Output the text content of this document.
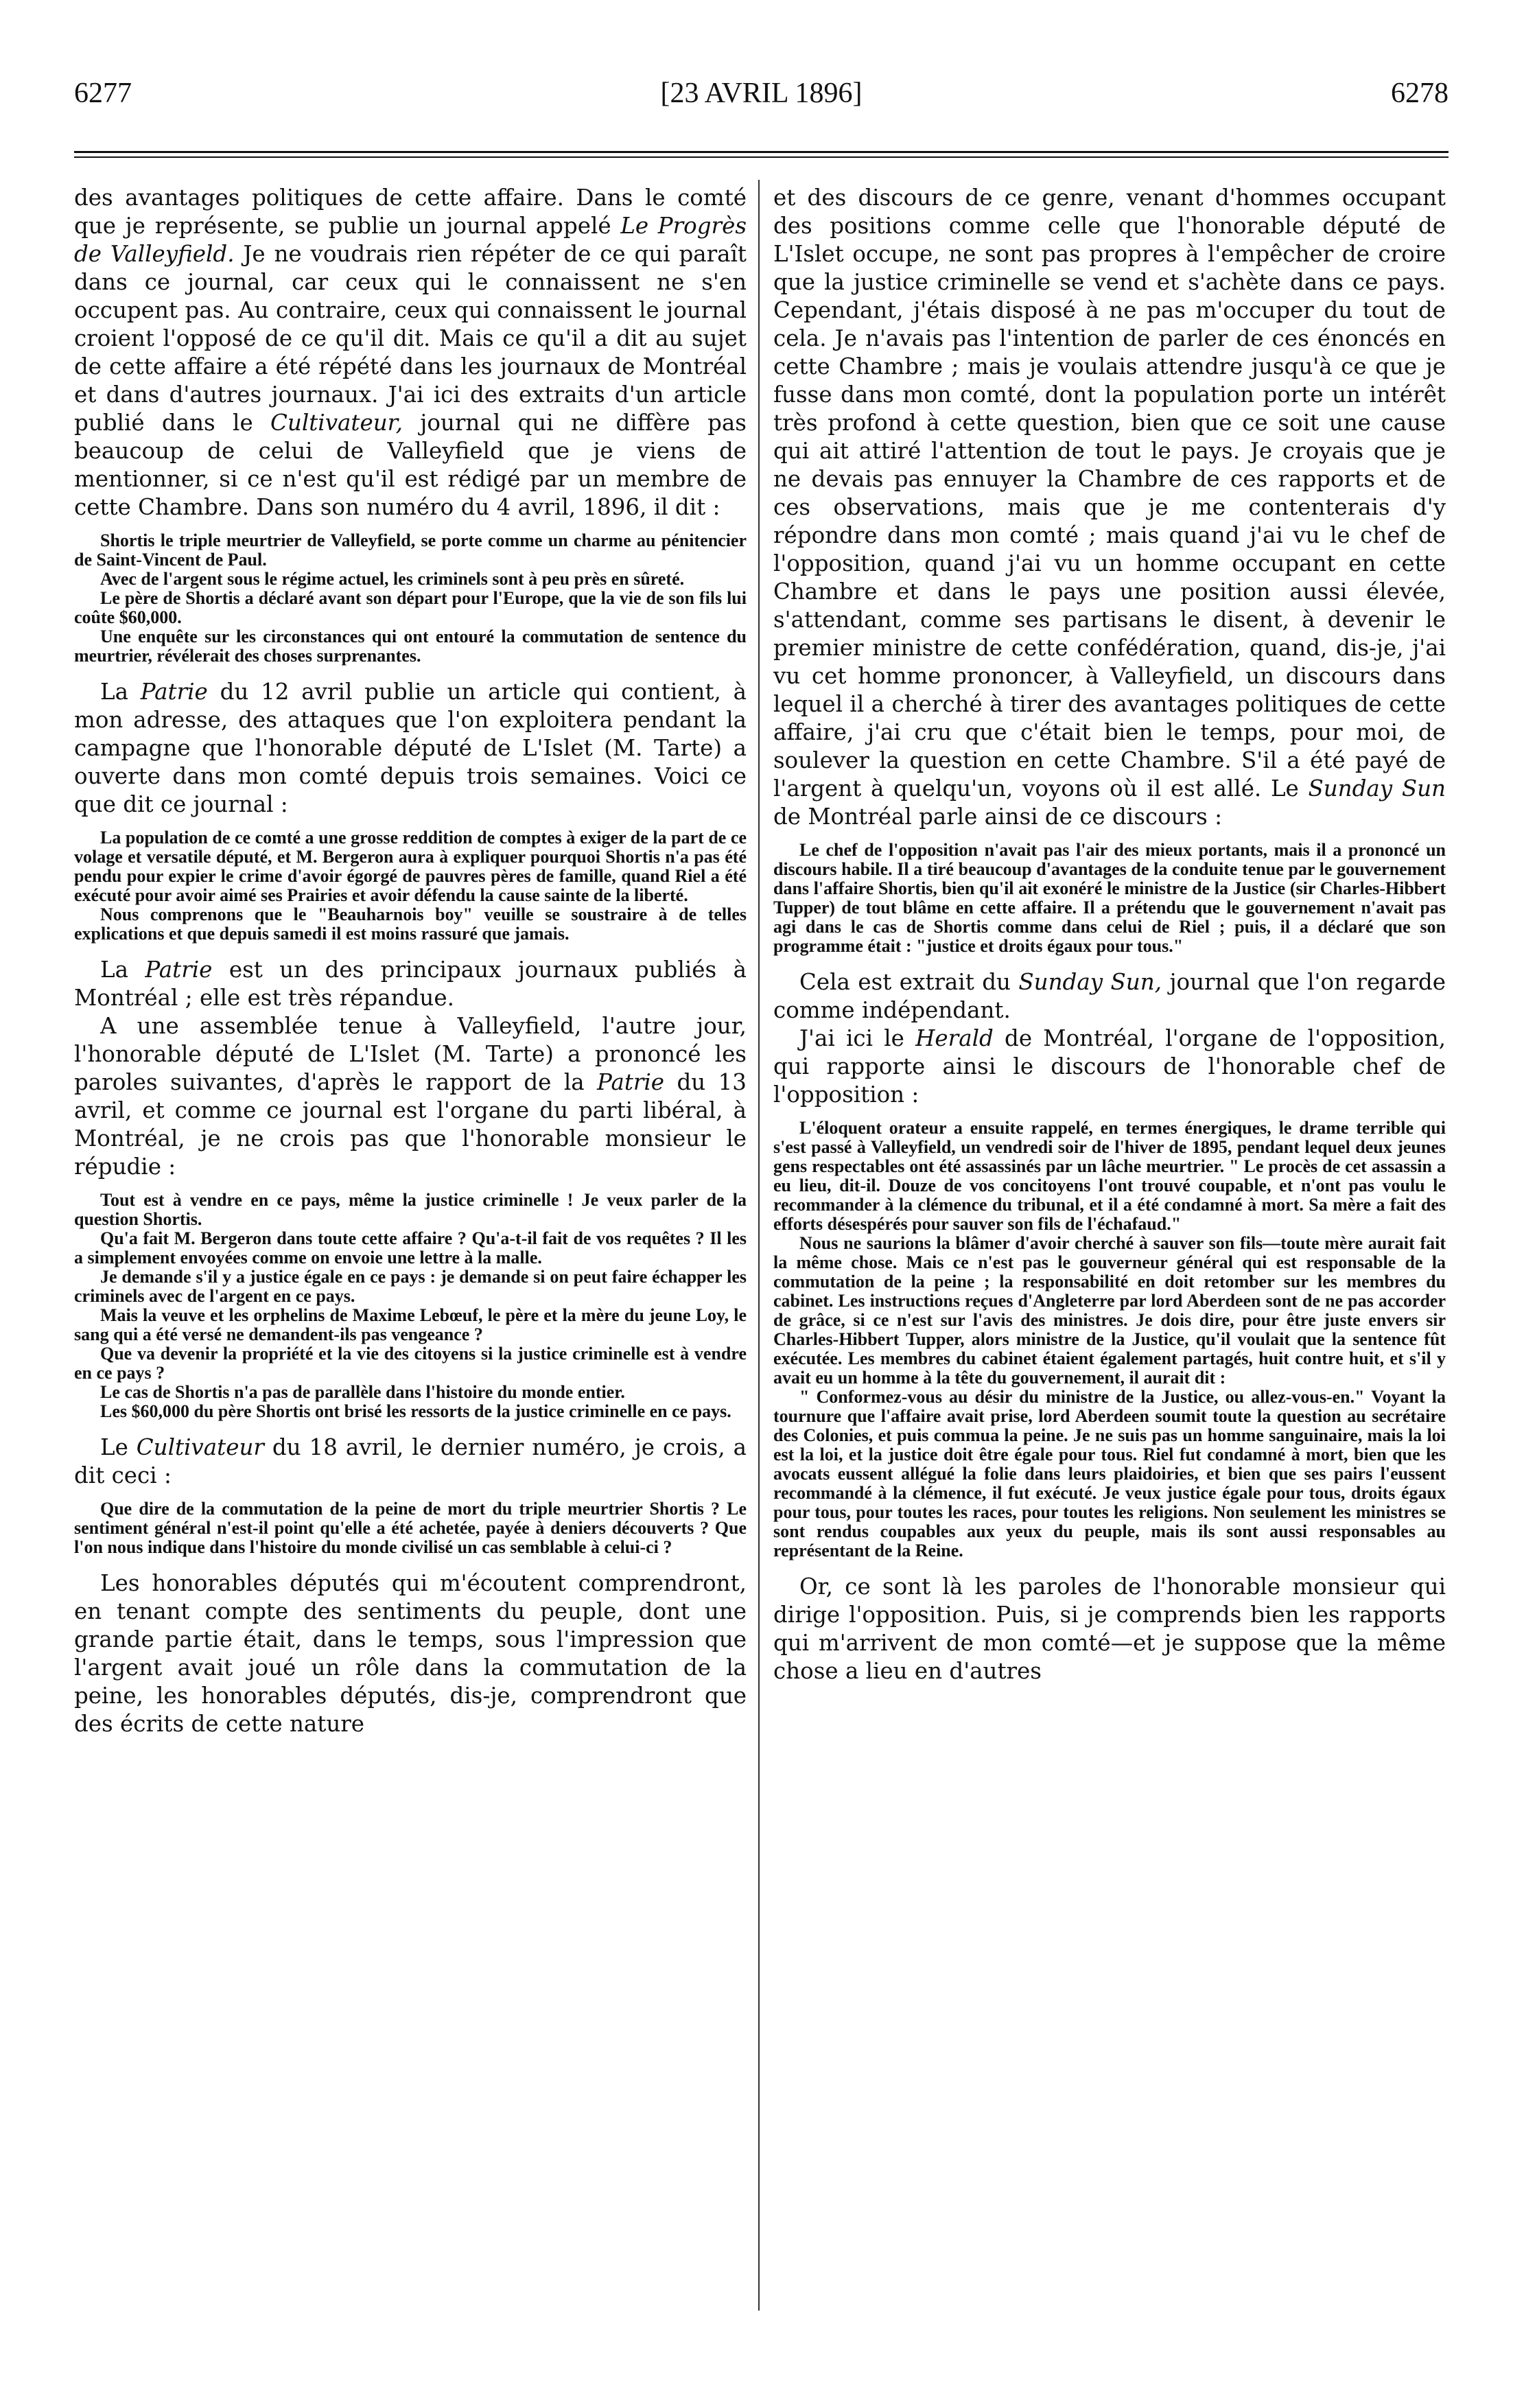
6277	[23 AVRIL 1896]	6278

des avantages politiques de cette affaire. Dans le comté que je représente, se publie un journal appelé Le Progrès de Valleyfield. Je ne voudrais rien répéter de ce qui paraît dans ce journal, car ceux qui le connaissent ne s'en occupent pas. Au contraire, ceux qui connaissent le journal croient l'opposé de ce qu'il dit. Mais ce qu'il a dit au sujet de cette affaire a été répété dans les journaux de Montréal et dans d'autres journaux. J'ai ici des extraits d'un article publié dans le Cultivateur, journal qui ne diffère pas beaucoup de celui de Valleyfield que je viens de mentionner, si ce n'est qu'il est rédigé par un membre de cette Chambre. Dans son numéro du 4 avril, 1896, il dit :

Shortis le triple meurtrier de Valleyfield, se porte comme un charme au pénitencier de Saint-Vincent de Paul.

Avec de l'argent sous le régime actuel, les criminels sont à peu près en sûreté.

Le père de Shortis a déclaré avant son départ pour l'Europe, que la vie de son fils lui coûte $60,000.

Une enquête sur les circonstances qui ont entouré la commutation de sentence du meurtrier, révélerait des choses surprenantes.

La Patrie du 12 avril publie un article qui contient, à mon adresse, des attaques que l'on exploitera pendant la campagne que l'honorable député de L'Islet (M. Tarte) a ouverte dans mon comté depuis trois semaines. Voici ce que dit ce journal :

La population de ce comté a une grosse reddition de comptes à exiger de la part de ce volage et versatile député, et M. Bergeron aura à expliquer pourquoi Shortis n'a pas été pendu pour expier le crime d'avoir égorgé de pauvres pères de famille, quand Riel a été exécuté pour avoir aimé ses Prairies et avoir défendu la cause sainte de la liberté.

Nous comprenons que le "Beauharnois boy" veuille se soustraire à de telles explications et que depuis samedi il est moins rassuré que jamais.

La Patrie est un des principaux journaux publiés à Montréal ; elle est très répandue.

A une assemblée tenue à Valleyfield, l'autre jour, l'honorable député de L'Islet (M. Tarte) a prononcé les paroles suivantes, d'après le rapport de la Patrie du 13 avril, et comme ce journal est l'organe du parti libéral, à Montréal, je ne crois pas que l'honorable monsieur le répudie :

Tout est à vendre en ce pays, même la justice criminelle ! Je veux parler de la question Shortis.

Qu'a fait M. Bergeron dans toute cette affaire ? Qu'a-t-il fait de vos requêtes ? Il les a simplement envoyées comme on envoie une lettre à la malle.

Je demande s'il y a justice égale en ce pays : je demande si on peut faire échapper les criminels avec de l'argent en ce pays.

Mais la veuve et les orphelins de Maxime Lebœuf, le père et la mère du jeune Loy, le sang qui a été versé ne demandent-ils pas vengeance ?

Que va devenir la propriété et la vie des citoyens si la justice criminelle est à vendre en ce pays ?

Le cas de Shortis n'a pas de parallèle dans l'histoire du monde entier.

Les $60,000 du père Shortis ont brisé les ressorts de la justice criminelle en ce pays.

Le Cultivateur du 18 avril, le dernier numéro, je crois, a dit ceci :

Que dire de la commutation de la peine de mort du triple meurtrier Shortis ? Le sentiment général n'est-il point qu'elle a été achetée, payée à deniers découverts ? Que l'on nous indique dans l'histoire du monde civilisé un cas semblable à celui-ci ?

Les honorables députés qui m'écoutent comprendront, en tenant compte des sentiments du peuple, dont une grande partie était, dans le temps, sous l'impression que l'argent avait joué un rôle dans la commutation de la peine, les honorables députés, dis-je, comprendront que des écrits de cette nature

et des discours de ce genre, venant d'hommes occupant des positions comme celle que l'honorable député de L'Islet occupe, ne sont pas propres à l'empêcher de croire que la justice criminelle se vend et s'achète dans ce pays. Cependant, j'étais disposé à ne pas m'occuper du tout de cela. Je n'avais pas l'intention de parler de ces énoncés en cette Chambre ; mais je voulais attendre jusqu'à ce que je fusse dans mon comté, dont la population porte un intérêt très profond à cette question, bien que ce soit une cause qui ait attiré l'attention de tout le pays. Je croyais que je ne devais pas ennuyer la Chambre de ces rapports et de ces observations, mais que je me contenterais d'y répondre dans mon comté ; mais quand j'ai vu le chef de l'opposition, quand j'ai vu un homme occupant en cette Chambre et dans le pays une position aussi élevée, s'attendant, comme ses partisans le disent, à devenir le premier ministre de cette confédération, quand, dis-je, j'ai vu cet homme prononcer, à Valleyfield, un discours dans lequel il a cherché à tirer des avantages politiques de cette affaire, j'ai cru que c'était bien le temps, pour moi, de soulever la question en cette Chambre. S'il a été payé de l'argent à quelqu'un, voyons où il est allé. Le Sunday Sun de Montréal parle ainsi de ce discours :

Le chef de l'opposition n'avait pas l'air des mieux portants, mais il a prononcé un discours habile. Il a tiré beaucoup d'avantages de la conduite tenue par le gouvernement dans l'affaire Shortis, bien qu'il ait exonéré le ministre de la Justice (sir Charles-Hibbert Tupper) de tout blâme en cette affaire. Il a prétendu que le gouvernement n'avait pas agi dans le cas de Shortis comme dans celui de Riel ; puis, il a déclaré que son programme était : "justice et droits égaux pour tous."

Cela est extrait du Sunday Sun, journal que l'on regarde comme indépendant.

J'ai ici le Herald de Montréal, l'organe de l'opposition, qui rapporte ainsi le discours de l'honorable chef de l'opposition :

L'éloquent orateur a ensuite rappelé, en termes énergiques, le drame terrible qui s'est passé à Valleyfield, un vendredi soir de l'hiver de 1895, pendant lequel deux jeunes gens respectables ont été assassinés par un lâche meurtrier. " Le procès de cet assassin a eu lieu, dit-il. Douze de vos concitoyens l'ont trouvé coupable, et n'ont pas voulu le recommander à la clémence du tribunal, et il a été condamné à mort. Sa mère a fait des efforts désespérés pour sauver son fils de l'échafaud."

Nous ne saurions la blâmer d'avoir cherché à sauver son fils—toute mère aurait fait la même chose. Mais ce n'est pas le gouverneur général qui est responsable de la commutation de la peine ; la responsabilité en doit retomber sur les membres du cabinet. Les instructions reçues d'Angleterre par lord Aberdeen sont de ne pas accorder de grâce, si ce n'est sur l'avis des ministres. Je dois dire, pour être juste envers sir Charles-Hibbert Tupper, alors ministre de la Justice, qu'il voulait que la sentence fût exécutée. Les membres du cabinet étaient également partagés, huit contre huit, et s'il y avait eu un homme à la tête du gouvernement, il aurait dit :

" Conformez-vous au désir du ministre de la Justice, ou allez-vous-en." Voyant la tournure que l'affaire avait prise, lord Aberdeen soumit toute la question au secrétaire des Colonies, et puis commua la peine. Je ne suis pas un homme sanguinaire, mais la loi est la loi, et la justice doit être égale pour tous. Riel fut condamné à mort, bien que les avocats eussent allégué la folie dans leurs plaidoiries, et bien que ses pairs l'eussent recommandé à la clémence, il fut exécuté. Je veux justice égale pour tous, droits égaux pour tous, pour toutes les races, pour toutes les religions. Non seulement les ministres se sont rendus coupables aux yeux du peuple, mais ils sont aussi responsables au représentant de la Reine.

Or, ce sont là les paroles de l'honorable monsieur qui dirige l'opposition. Puis, si je comprends bien les rapports qui m'arrivent de mon comté—et je suppose que la même chose a lieu en d'autres
